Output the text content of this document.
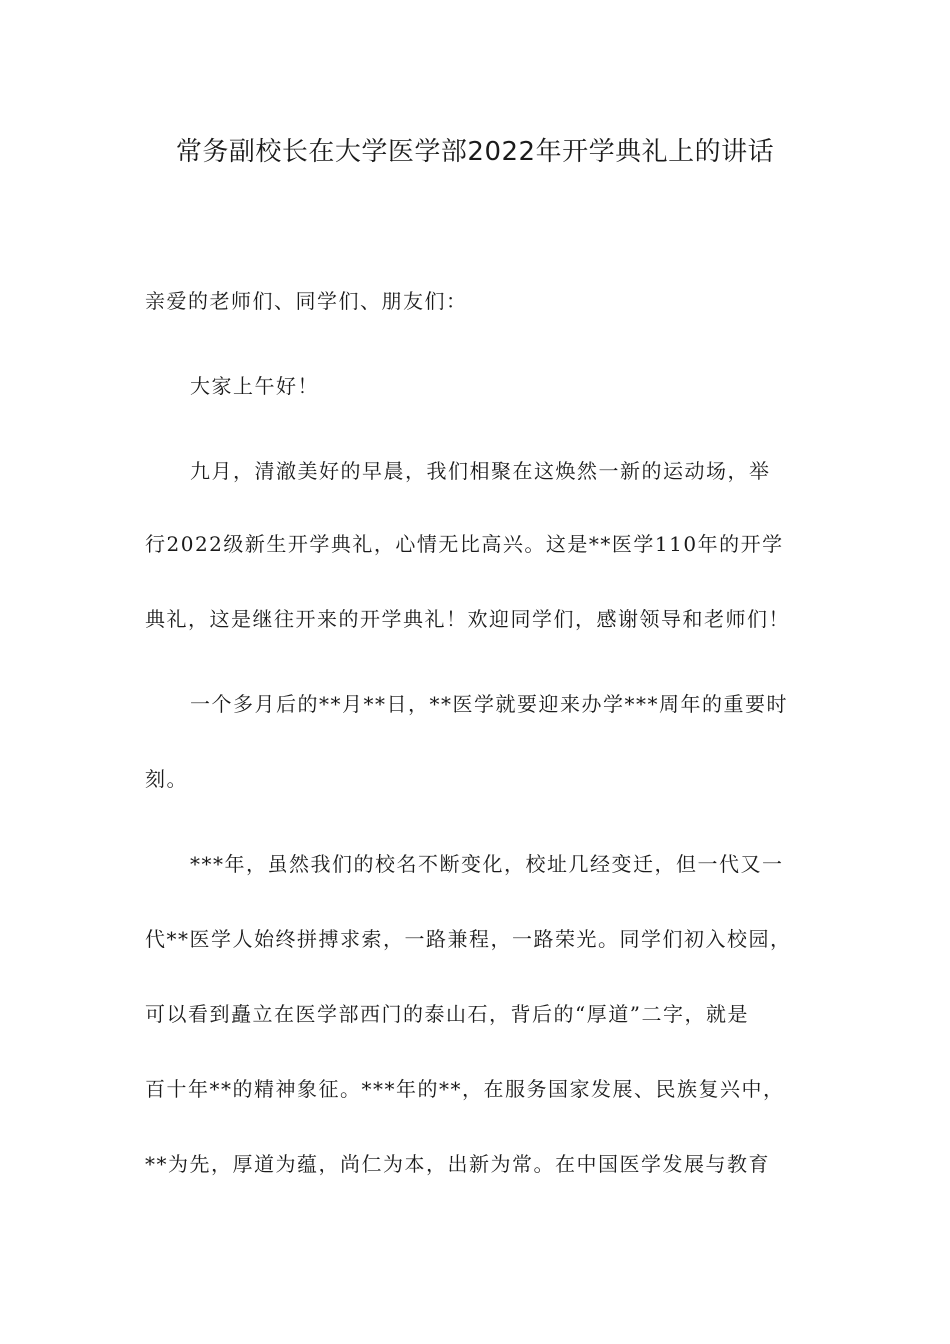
常务副校长在大学医学部2022年开学典礼上的讲话
亲爱的老师们、同学们、朋友们：
大家上午好！
九月，清澈美好的早晨，我们相聚在这焕然一新的运动场，举
行2022级新生开学典礼，心情无比高兴。这是**医学110年的开学
典礼，这是继往开来的开学典礼！欢迎同学们，感谢领导和老师们！
一个多月后的**月**日，**医学就要迎来办学***周年的重要时
刻。
***年，虽然我们的校名不断变化，校址几经变迁，但一代又一
代**医学人始终拼搏求索，一路兼程，一路荣光。同学们初入校园，
可以看到矗立在医学部西门的泰山石，背后的“厚道”二字，就是
百十年**的精神象征。***年的**，在服务国家发展、民族复兴中，
**为先，厚道为蕴，尚仁为本，出新为常。在中国医学发展与教育
